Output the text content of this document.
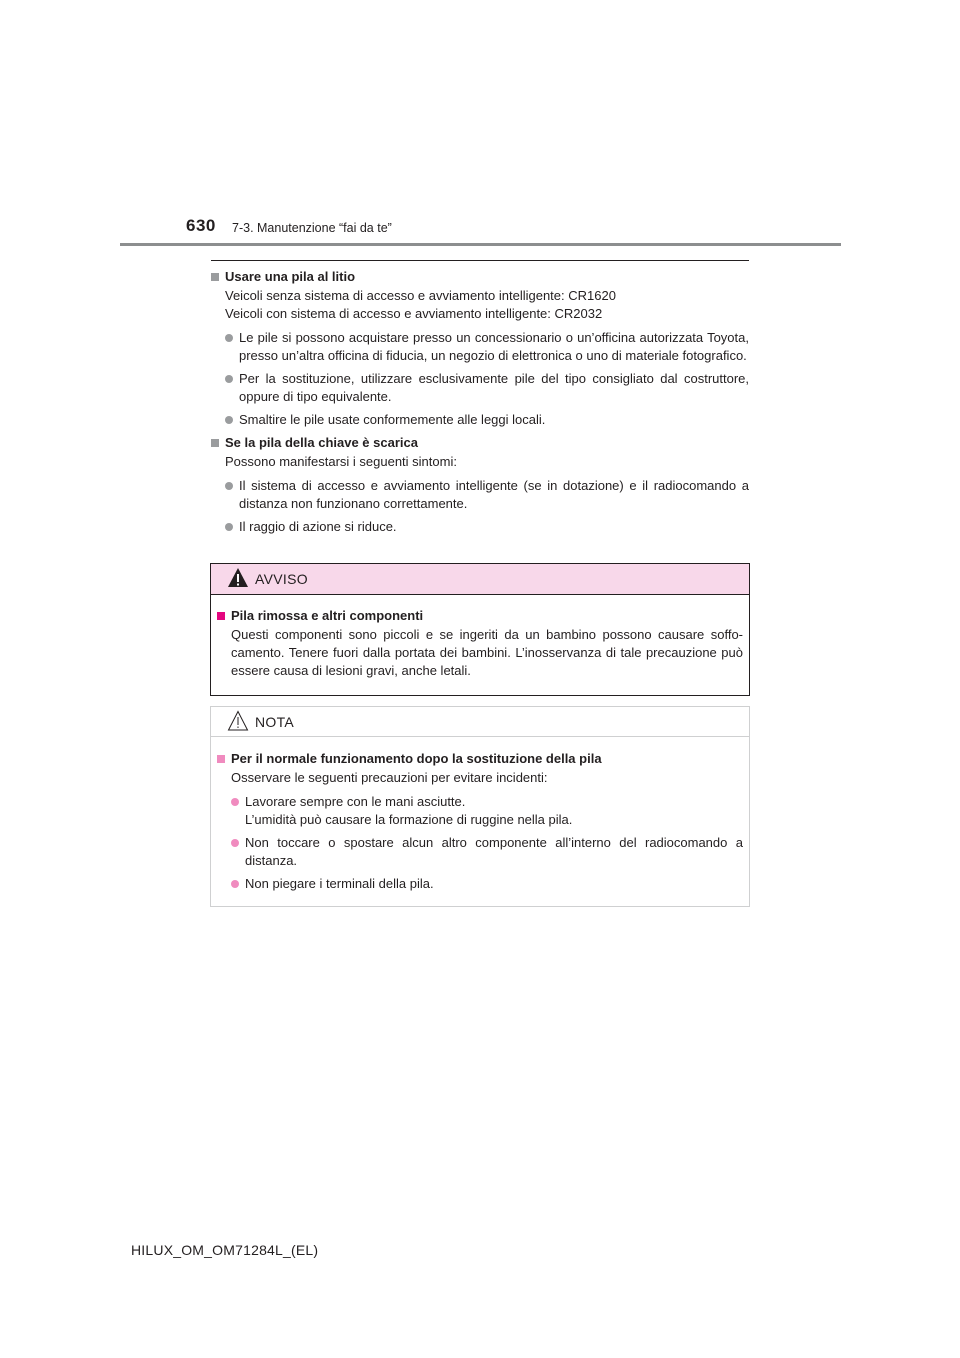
630 7-3. Manutenzione “fai da te”
Usare una pila al litio
Veicoli senza sistema di accesso e avviamento intelligente: CR1620
Veicoli con sistema di accesso e avviamento intelligente: CR2032
Le pile si possono acquistare presso un concessionario o un’officina autorizzata Toyota, presso un’altra officina di fiducia, un negozio di elettronica o uno di materiale fotografico.
Per la sostituzione, utilizzare esclusivamente pile del tipo consigliato dal costruttore, oppure di tipo equivalente.
Smaltire le pile usate conformemente alle leggi locali.
Se la pila della chiave è scarica
Possono manifestarsi i seguenti sintomi:
Il sistema di accesso e avviamento intelligente (se in dotazione) e il radiocomando a distanza non funzionano correttamente.
Il raggio di azione si riduce.
AVVISO
Pila rimossa e altri componenti
Questi componenti sono piccoli e se ingeriti da un bambino possono causare soffo-camento. Tenere fuori dalla portata dei bambini. L’inosservanza di tale precauzione può essere causa di lesioni gravi, anche letali.
NOTA
Per il normale funzionamento dopo la sostituzione della pila
Osservare le seguenti precauzioni per evitare incidenti:
Lavorare sempre con le mani asciutte.
L’umidità può causare la formazione di ruggine nella pila.
Non toccare o spostare alcun altro componente all’interno del radiocomando a distanza.
Non piegare i terminali della pila.
HILUX_OM_OM71284L_(EL)
